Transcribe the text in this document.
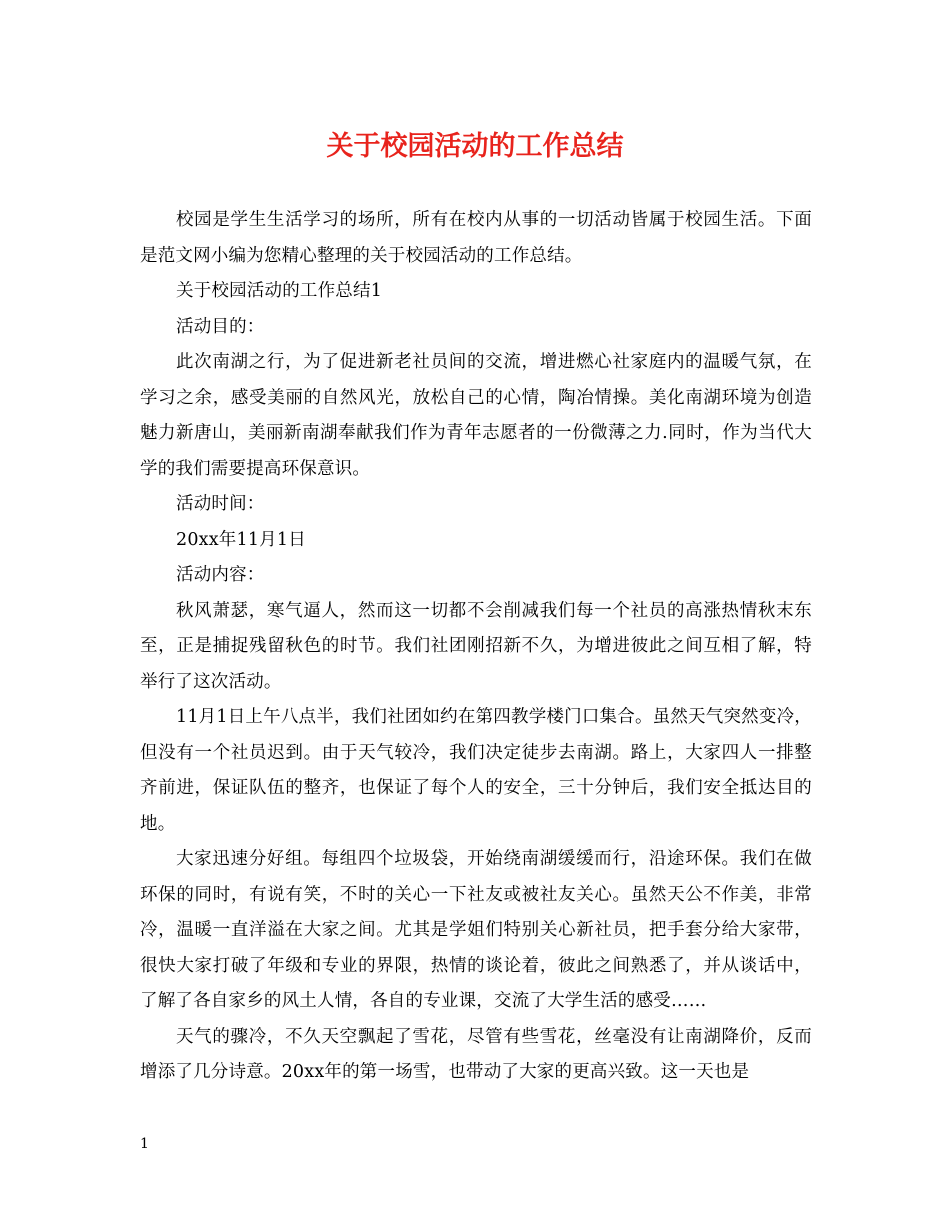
关于校园活动的工作总结

校园是学生生活学习的场所，所有在校内从事的一切活动皆属于校园生活。下面是范文网小编为您精心整理的关于校园活动的工作总结。

关于校园活动的工作总结1

活动目的：

此次南湖之行，为了促进新老社员间的交流，增进燃心社家庭内的温暖气氛，在学习之余，感受美丽的自然风光，放松自己的心情，陶冶情操。美化南湖环境为创造魅力新唐山，美丽新南湖奉献我们作为青年志愿者的一份微薄之力.同时，作为当代大学的我们需要提高环保意识。

活动时间：

20xx年11月1日

活动内容：

秋风萧瑟，寒气逼人，然而这一切都不会削减我们每一个社员的高涨热情秋末东至，正是捕捉残留秋色的时节。我们社团刚招新不久，为增进彼此之间互相了解，特举行了这次活动。

11月1日上午八点半，我们社团如约在第四教学楼门口集合。虽然天气突然变冷，但没有一个社员迟到。由于天气较冷，我们决定徒步去南湖。路上，大家四人一排整齐前进，保证队伍的整齐，也保证了每个人的安全，三十分钟后，我们安全抵达目的地。

大家迅速分好组。每组四个垃圾袋，开始绕南湖缓缓而行，沿途环保。我们在做环保的同时，有说有笑，不时的关心一下社友或被社友关心。虽然天公不作美，非常冷，温暖一直洋溢在大家之间。尤其是学姐们特别关心新社员，把手套分给大家带，很快大家打破了年级和专业的界限，热情的谈论着，彼此之间熟悉了，并从谈话中，了解了各自家乡的风土人情，各自的专业课，交流了大学生活的感受……

天气的骤冷，不久天空飘起了雪花，尽管有些雪花，丝毫没有让南湖降价，反而增添了几分诗意。20xx年的第一场雪，也带动了大家的更高兴致。这一天也是

1
